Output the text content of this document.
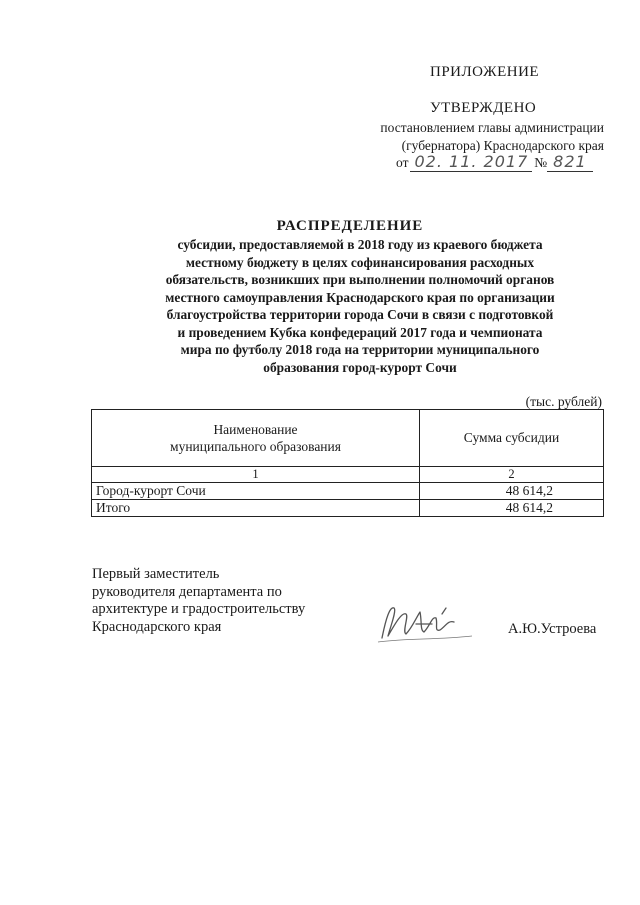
ПРИЛОЖЕНИЕ
УТВЕРЖДЕНО
постановлением главы администрации
(губернатора) Краснодарского края
от 02. 11. 2017 № 821
РАСПРЕДЕЛЕНИЕ
субсидии, предоставляемой в 2018 году из краевого бюджета
местному бюджету в целях софинансирования расходных
обязательств, возникших при выполнении полномочий органов
местного самоуправления Краснодарского края по организации
благоустройства территории города Сочи в связи с подготовкой
и проведением Кубка конфедераций 2017 года и чемпионата
мира по футболу 2018 года на территории муниципального
образования город-курорт Сочи
(тыс. рублей)
Наименование
муниципального образования	Сумма субсидии
1	2
Город-курорт Сочи	48 614,2
Итого	48 614,2
Первый заместитель
руководителя департамента по
архитектуре и градостроительству
Краснодарского края	А.Ю.Устроева
